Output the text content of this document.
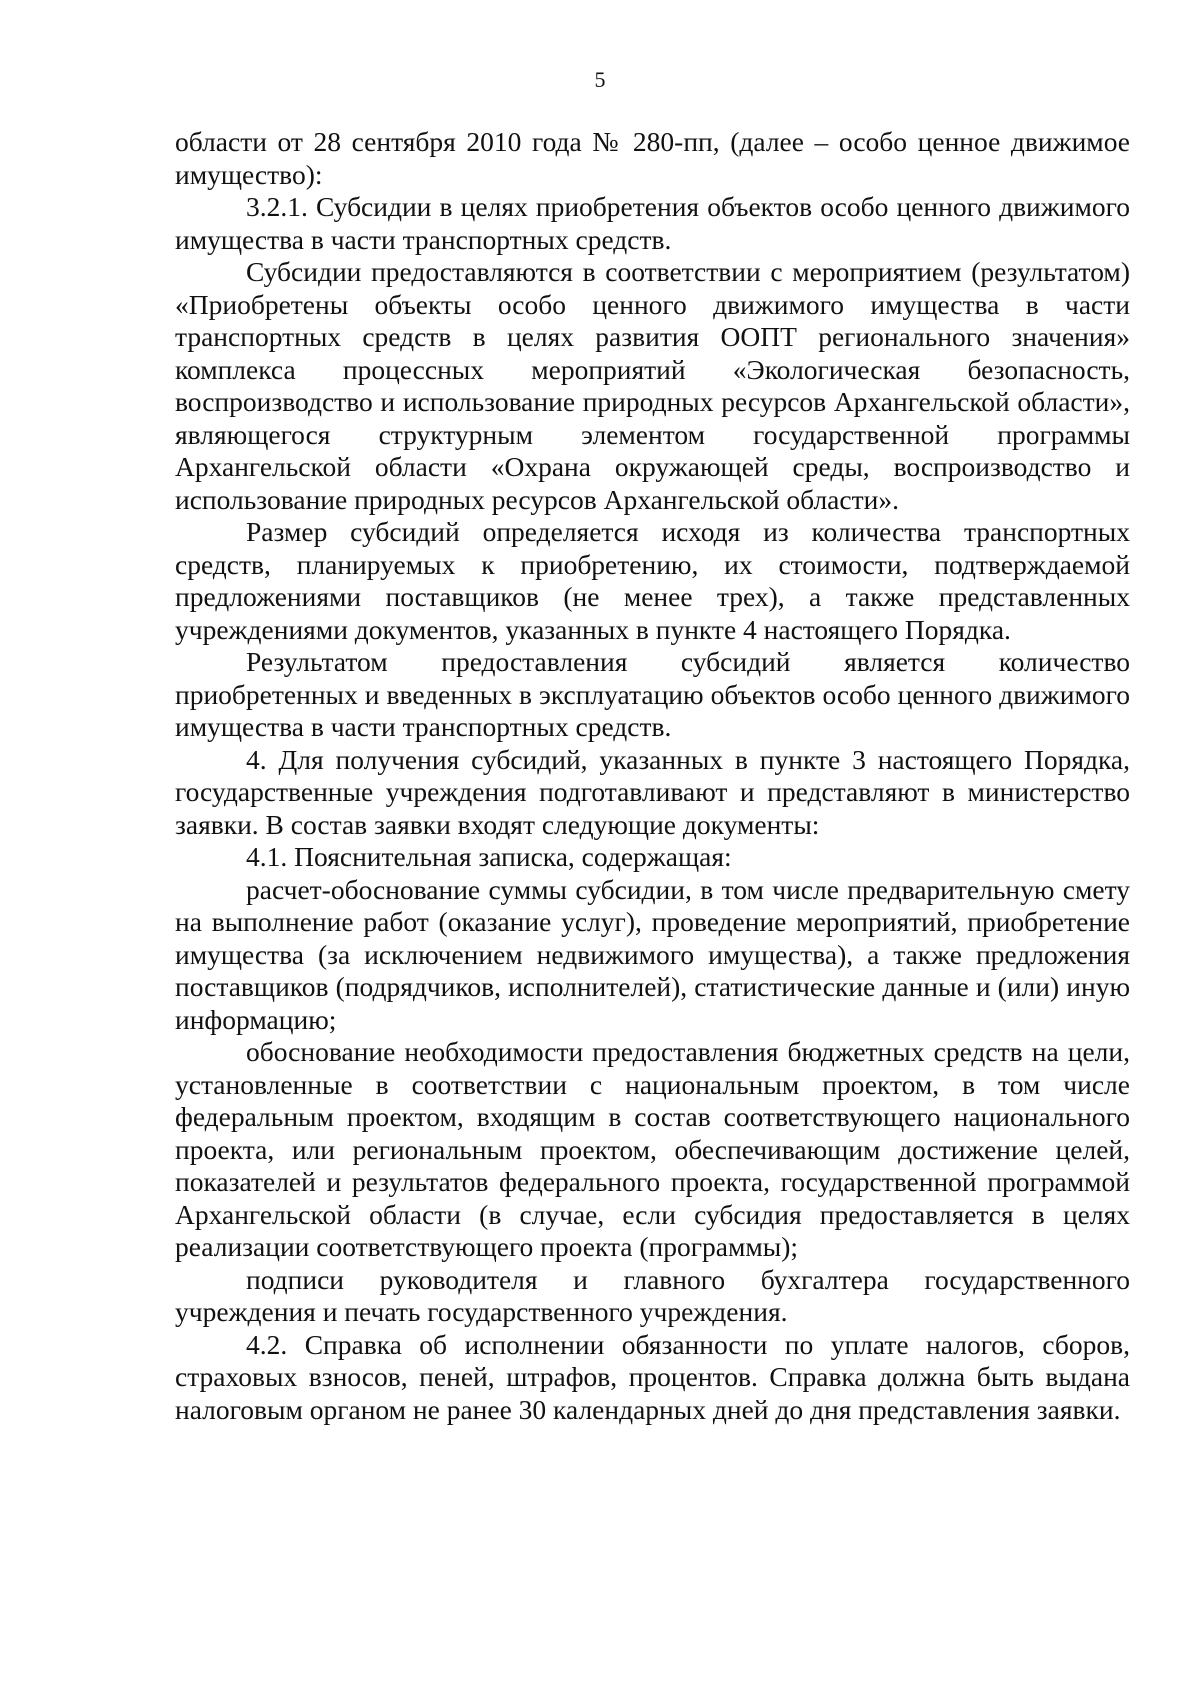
5

области от 28 сентября 2010 года № 280-пп, (далее – особо ценное движимое имущество):

3.2.1. Субсидии в целях приобретения объектов особо ценного движимого имущества в части транспортных средств.

Субсидии предоставляются в соответствии с мероприятием (результатом) «Приобретены объекты особо ценного движимого имущества в части транспортных средств в целях развития ООПТ регионального значения» комплекса процессных мероприятий «Экологическая безопасность, воспроизводство и использование природных ресурсов Архангельской области», являющегося структурным элементом государственной программы Архангельской области «Охрана окружающей среды, воспроизводство и использование природных ресурсов Архангельской области».

Размер субсидий определяется исходя из количества транспортных средств, планируемых к приобретению, их стоимости, подтверждаемой предложениями поставщиков (не менее трех), а также представленных учреждениями документов, указанных в пункте 4 настоящего Порядка.

Результатом предоставления субсидий является количество приобретенных и введенных в эксплуатацию объектов особо ценного движимого имущества в части транспортных средств.

4. Для получения субсидий, указанных в пункте 3 настоящего Порядка, государственные учреждения подготавливают и представляют в министерство заявки. В состав заявки входят следующие документы:

4.1. Пояснительная записка, содержащая:

расчет-обоснование суммы субсидии, в том числе предварительную смету на выполнение работ (оказание услуг), проведение мероприятий, приобретение имущества (за исключением недвижимого имущества), а также предложения поставщиков (подрядчиков, исполнителей), статистические данные и (или) иную информацию;

обоснование необходимости предоставления бюджетных средств на цели, установленные в соответствии с национальным проектом, в том числе федеральным проектом, входящим в состав соответствующего национального проекта, или региональным проектом, обеспечивающим достижение целей, показателей и результатов федерального проекта, государственной программой Архангельской области (в случае, если субсидия предоставляется в целях реализации соответствующего проекта (программы);

подписи руководителя и главного бухгалтера государственного учреждения и печать государственного учреждения.

4.2. Справка об исполнении обязанности по уплате налогов, сборов, страховых взносов, пеней, штрафов, процентов. Справка должна быть выдана налоговым органом не ранее 30 календарных дней до дня представления заявки.
